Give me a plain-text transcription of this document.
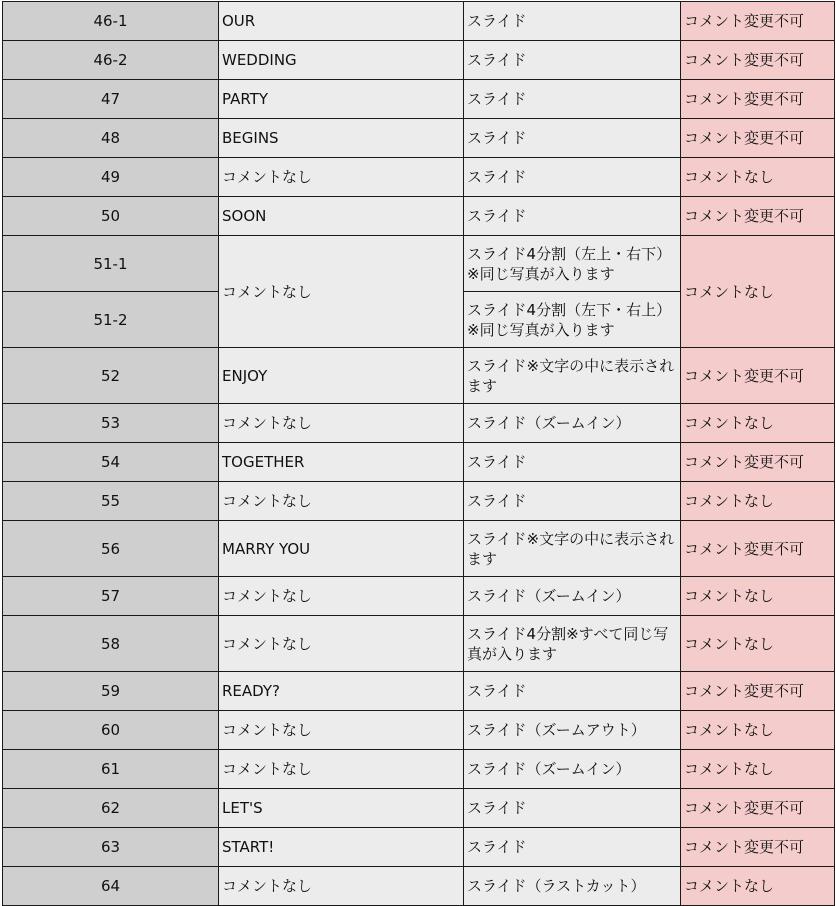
46-1	OUR	スライド	コメント変更不可
46-2	WEDDING	スライド	コメント変更不可
47	PARTY	スライド	コメント変更不可
48	BEGINS	スライド	コメント変更不可
49	コメントなし	スライド	コメントなし
50	SOON	スライド	コメント変更不可
51-1	コメントなし	スライド4分割（左上・右下）※同じ写真が入ります	コメントなし
51-2		スライド4分割（左下・右上）※同じ写真が入ります	
52	ENJOY	スライド※文字の中に表示されます	コメント変更不可
53	コメントなし	スライド（ズームイン）	コメントなし
54	TOGETHER	スライド	コメント変更不可
55	コメントなし	スライド	コメントなし
56	MARRY YOU	スライド※文字の中に表示されます	コメント変更不可
57	コメントなし	スライド（ズームイン）	コメントなし
58	コメントなし	スライド4分割※すべて同じ写真が入ります	コメントなし
59	READY?	スライド	コメント変更不可
60	コメントなし	スライド（ズームアウト）	コメントなし
61	コメントなし	スライド（ズームイン）	コメントなし
62	LET'S	スライド	コメント変更不可
63	START!	スライド	コメント変更不可
64	コメントなし	スライド（ラストカット）	コメントなし
